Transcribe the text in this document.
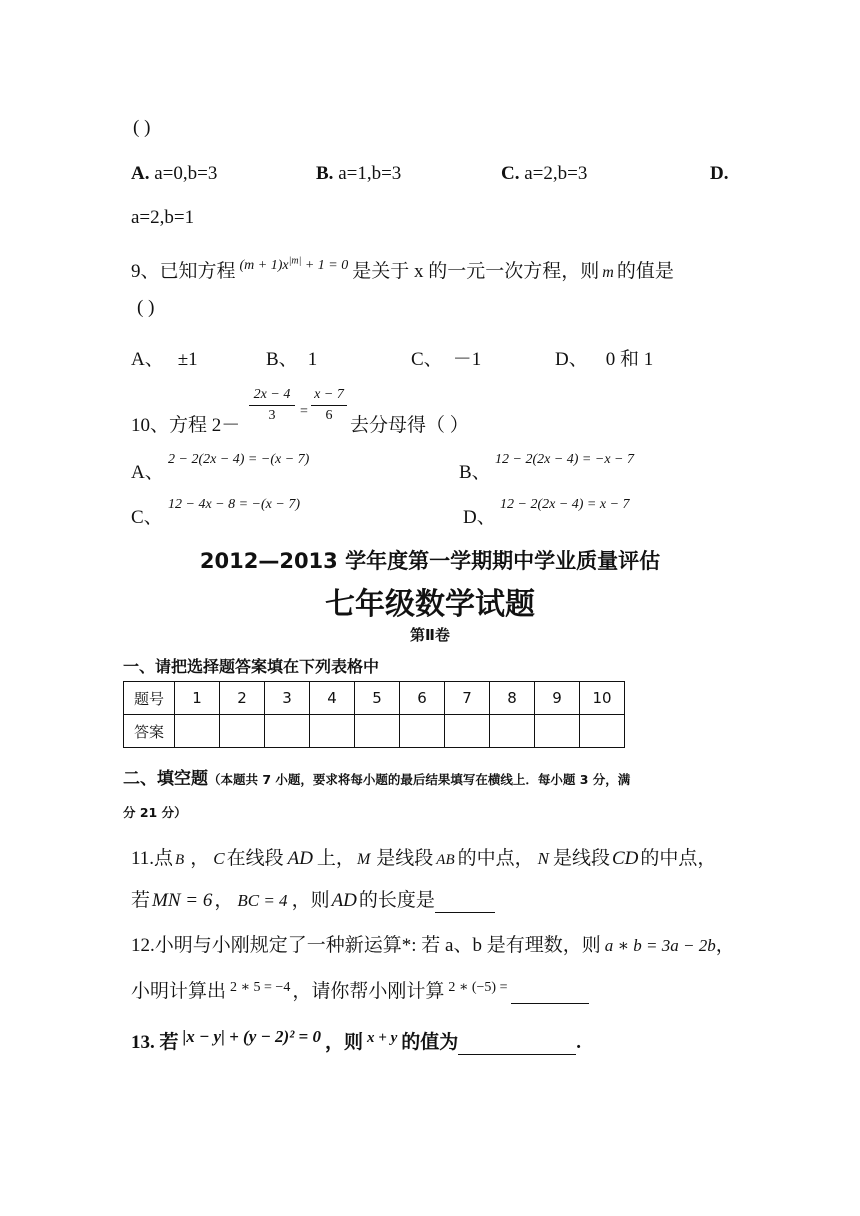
( )
A. a=0,b=3	B. a=1,b=3	C. a=2,b=3	D.
a=2,b=1
9、已知方程 $^{(m + 1)x^{|m|} + 1 = 0}$ 是关于 x 的一元一次方程，则 m 的值是
( )
A、 ±1	B、 1	C、 －1	D、 0 和 1
10、方程 2－
2x − 4
3	=
x − 7
6 去分母得（ ）
A、
2 − 2(2x − 4) = −(x − 7)
B、
12 − 2(2x − 4) = −x − 7
C、
12 − 4x − 8 = −(x − 7)
D、
12 − 2(2x − 4) = x − 7
2012—2013 学年度第一学期期中学业质量评估
七年级数学试题
第Ⅱ卷
一、请把选择题答案填在下列表格中
题号	1	2	3	4	5	6	7	8	9	10
答案										
二、填空题（本题共 7 小题，要求将每小题的最后结果填写在横线上．每小题 3 分，满
分 21 分）
11.点 B ， C 在线段 AD 上， M 是线段 AB 的中点， N 是线段 CD 的中点，
若 MN = 6 ， BC = 4 ，则 AD 的长度是
12.小明与小刚规定了一种新运算*: 若 a、b 是有理数，则 a ∗ b = 3a − 2b，
小明计算出 $^{2 ∗ 5 = -4}$ ，请你帮小刚计算 $^{2 ∗ (-5) =}$
13. 若 |x − y| + (y − 2)² = 0 ，则 $^{x + y}$ 的值为	.
